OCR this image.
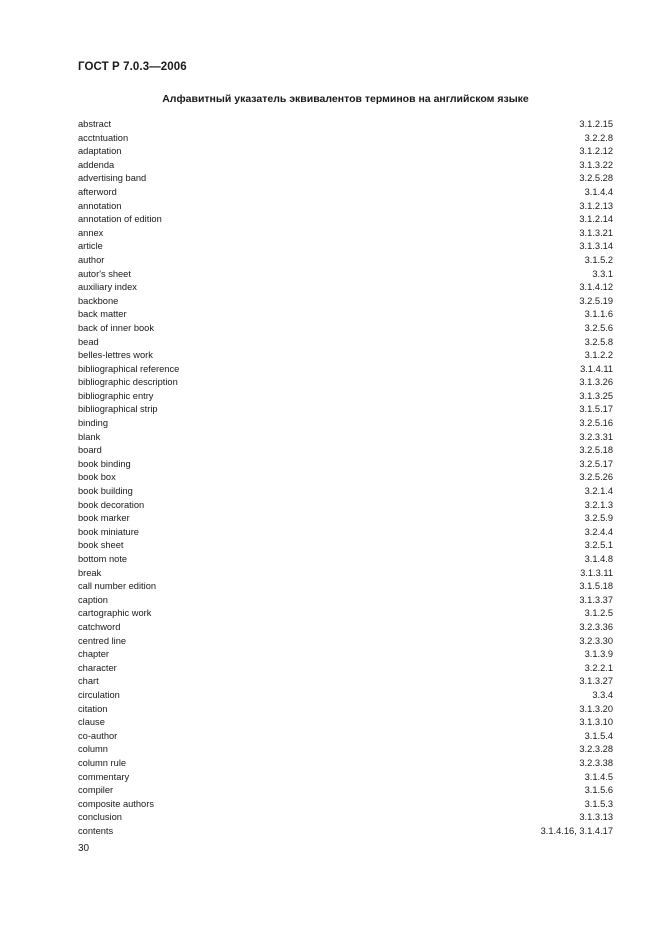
ГОСТ Р 7.0.3—2006
Алфавитный указатель эквивалентов терминов на английском языке
abstract	3.1.2.15
acctntuation	3.2.2.8
adaptation	3.1.2.12
addenda	3.1.3.22
advertising band	3.2.5.28
afterword	3.1.4.4
annotation	3.1.2.13
annotation of edition	3.1.2.14
annex	3.1.3.21
article	3.1.3.14
author	3.1.5.2
autor's sheet	3.3.1
auxiliary index	3.1.4.12
backbone	3.2.5.19
back matter	3.1.1.6
back of inner book	3.2.5.6
bead	3.2.5.8
belles-lettres work	3.1.2.2
bibliographical reference	3.1.4.11
bibliographic description	3.1.3.26
bibliographic entry	3.1.3.25
bibliographical strip	3.1.5.17
binding	3.2.5.16
blank	3.2.3.31
board	3.2.5.18
book binding	3.2.5.17
book box	3.2.5.26
book building	3.2.1.4
book decoration	3.2.1.3
book marker	3.2.5.9
book miniature	3.2.4.4
book sheet	3.2.5.1
bottom note	3.1.4.8
break	3.1.3.11
call number edition	3.1.5.18
caption	3.1.3.37
cartographic work	3.1.2.5
catchword	3.2.3.36
centred line	3.2.3.30
chapter	3.1.3.9
character	3.2.2.1
chart	3.1.3.27
circulation	3.3.4
citation	3.1.3.20
clause	3.1.3.10
co-author	3.1.5.4
column	3.2.3.28
column rule	3.2.3.38
commentary	3.1.4.5
compiler	3.1.5.6
composite authors	3.1.5.3
conclusion	3.1.3.13
contents	3.1.4.16, 3.1.4.17
30
